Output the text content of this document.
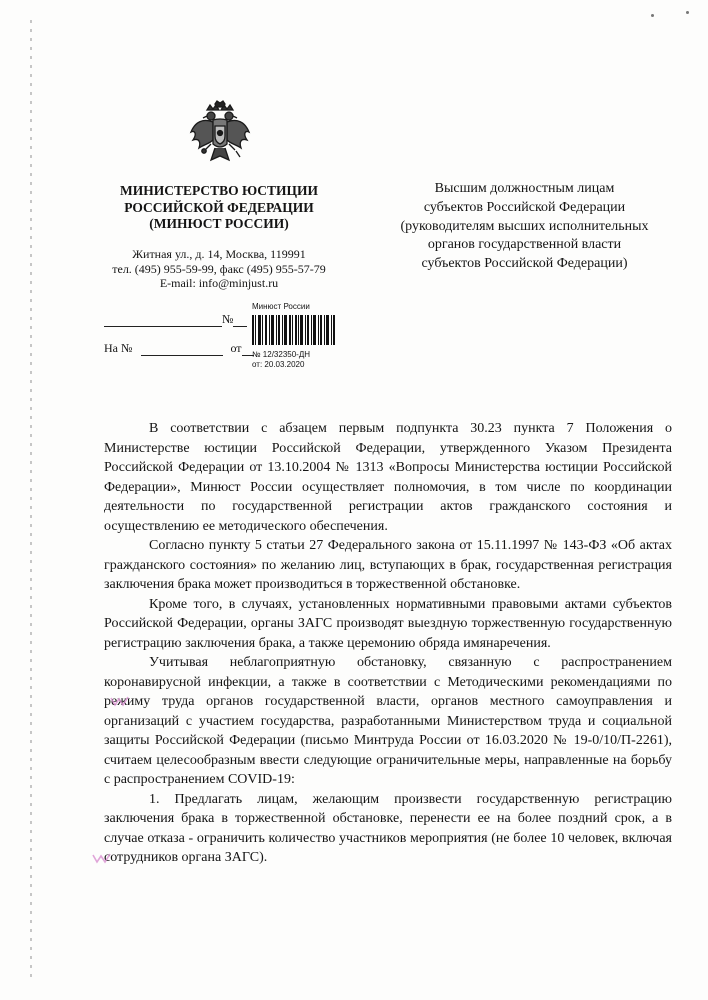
МИНИСТЕРСТВО ЮСТИЦИИ
РОССИЙСКОЙ ФЕДЕРАЦИИ
(МИНЮСТ РОССИИ)
Житная ул., д. 14, Москва, 119991
тел. (495) 955-59-99, факс (495) 955-57-79
E-mail: info@minjust.ru
№
На №	от
Минюст России
№ 12/32350-ДН
от: 20.03.2020
Высшим должностным лицам
субъектов Российской Федерации
(руководителям высших исполнительных
органов государственной власти
субъектов Российской Федерации)

В соответствии с абзацем первым подпункта 30.23 пункта 7 Положения о Министерстве юстиции Российской Федерации, утвержденного Указом Президента Российской Федерации от 13.10.2004 № 1313 «Вопросы Министерства юстиции Российской Федерации», Минюст России осуществляет полномочия, в том числе по координации деятельности по государственной регистрации актов гражданского состояния и осуществлению ее методического обеспечения.

Согласно пункту 5 статьи 27 Федерального закона от 15.11.1997 № 143-ФЗ «Об актах гражданского состояния» по желанию лиц, вступающих в брак, государственная регистрация заключения брака может производиться в торжественной обстановке.

Кроме того, в случаях, установленных нормативными правовыми актами субъектов Российской Федерации, органы ЗАГС производят выездную торжественную государственную регистрацию заключения брака, а также церемонию обряда имянаречения.

Учитывая неблагоприятную обстановку, связанную с распространением коронавирусной инфекции, а также в соответствии с Методическими рекомендациями по режиму труда органов государственной власти, органов местного самоуправления и организаций с участием государства, разработанными Министерством труда и социальной защиты Российской Федерации (письмо Минтруда России от 16.03.2020 № 19-0/10/П-2261), считаем целесообразным ввести следующие ограничительные меры, направленные на борьбу с распространением COVID-19:

1. Предлагать лицам, желающим произвести государственную регистрацию заключения брака в торжественной обстановке, перенести ее на более поздний срок, а в случае отказа - ограничить количество участников мероприятия (не более 10 человек, включая сотрудников органа ЗАГС).
